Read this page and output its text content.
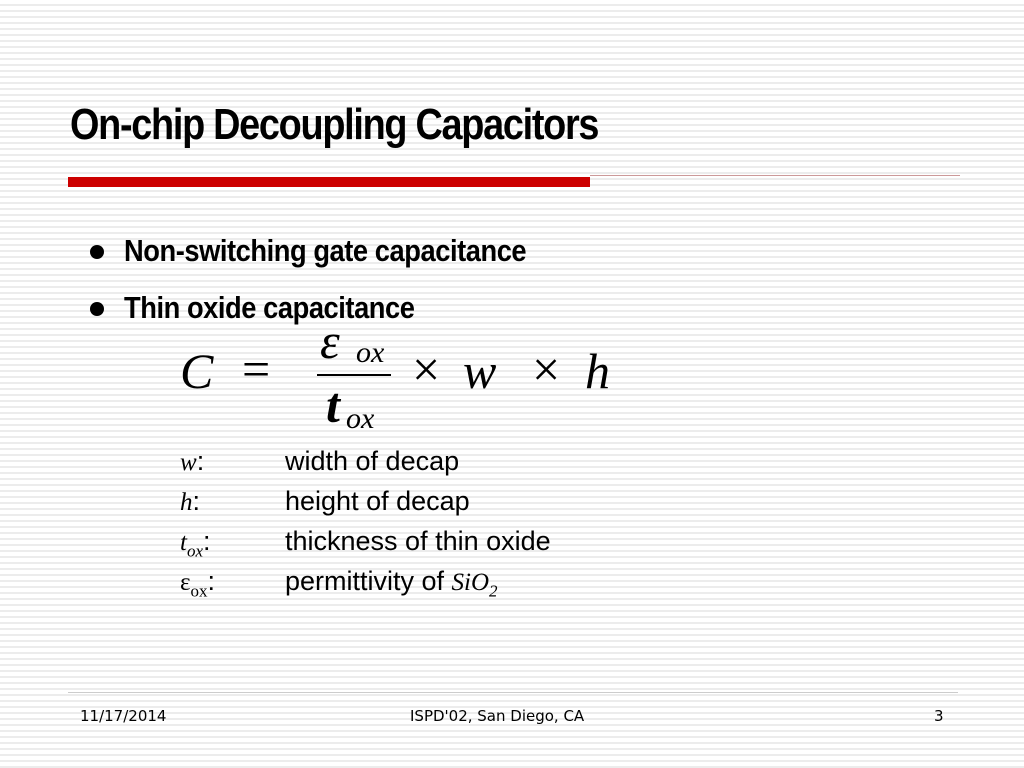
On-chip Decoupling Capacitors
Non-switching gate capacitance
Thin oxide capacitance
C = ε ox
t ox
× w × h
w:	width of decap
h:	height of decap
$t_{ox}$:	thickness of thin oxide
$\varepsilon_{ox}$:	permittivity of SiO$_2$
11/17/2014	ISPD'02, San Diego, CA	3
